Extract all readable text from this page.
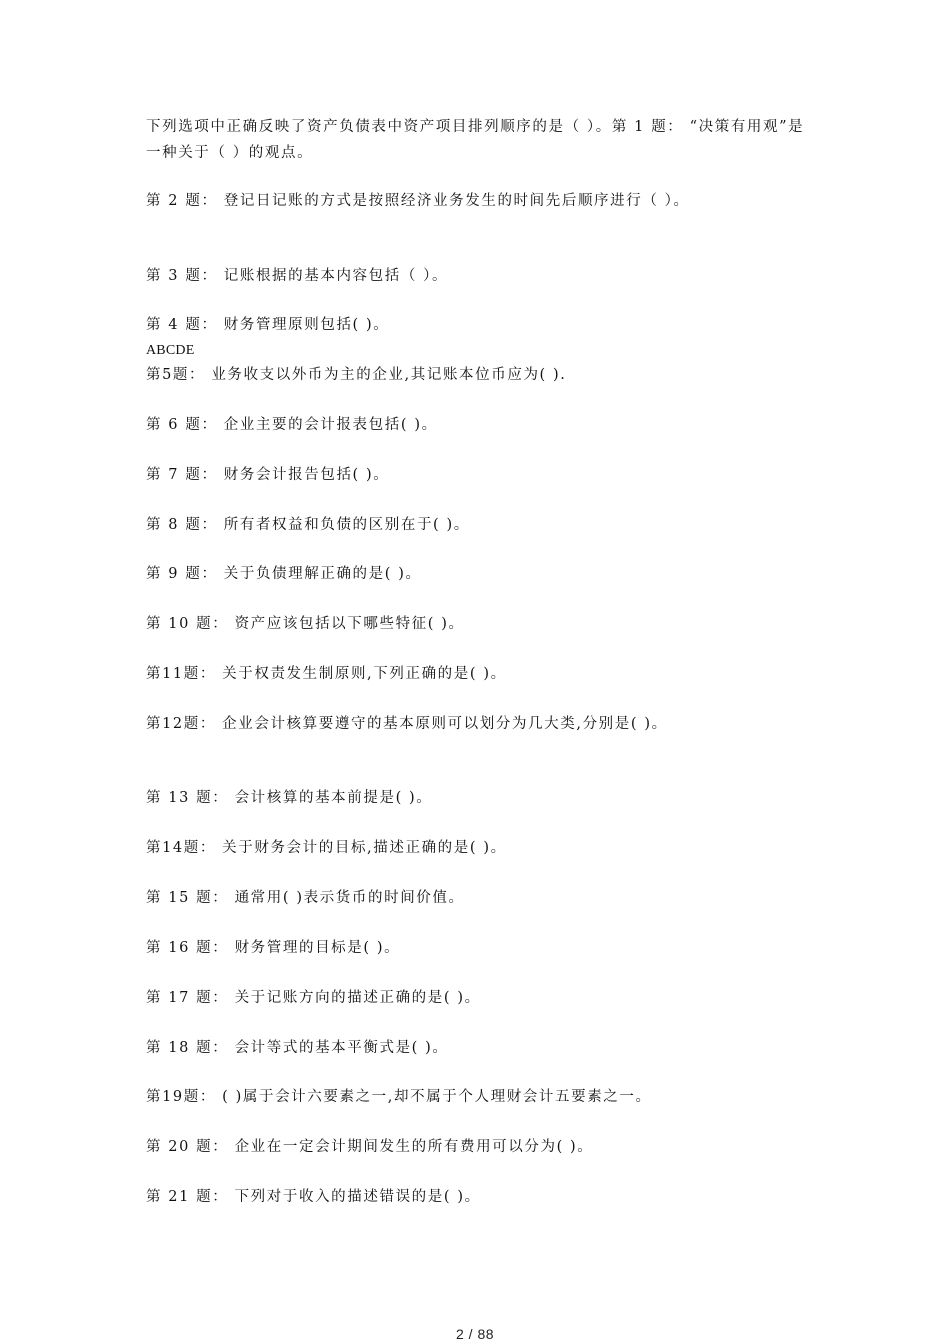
下列选项中正确反映了资产负债表中资产项目排列顺序的是（ ）。第 1 题： “决策有用观”是一种关于（ ）的观点。
第 2 题： 登记日记账的方式是按照经济业务发生的时间先后顺序进行（ ）。
第 3 题： 记账根据的基本内容包括（ ）。
第 4 题： 财务管理原则包括( )。
ABCDE
第5题： 业务收支以外币为主的企业,其记账本位币应为( ).
第 6 题： 企业主要的会计报表包括( )。
第 7 题： 财务会计报告包括( )。
第 8 题： 所有者权益和负债的区别在于( )。
第 9 题： 关于负债理解正确的是( )。
第 10 题： 资产应该包括以下哪些特征( )。
第11题： 关于权责发生制原则,下列正确的是( )。
第12题： 企业会计核算要遵守的基本原则可以划分为几大类,分别是( )。
第 13 题： 会计核算的基本前提是( )。
第14题： 关于财务会计的目标,描述正确的是( )。
第 15 题： 通常用( )表示货币的时间价值。
第 16 题： 财务管理的目标是( )。
第 17 题： 关于记账方向的描述正确的是( )。
第 18 题： 会计等式的基本平衡式是( )。
第19题： ( )属于会计六要素之一,却不属于个人理财会计五要素之一。
第 20 题： 企业在一定会计期间发生的所有费用可以分为( )。
第 21 题： 下列对于收入的描述错误的是( )。
2 / 88
